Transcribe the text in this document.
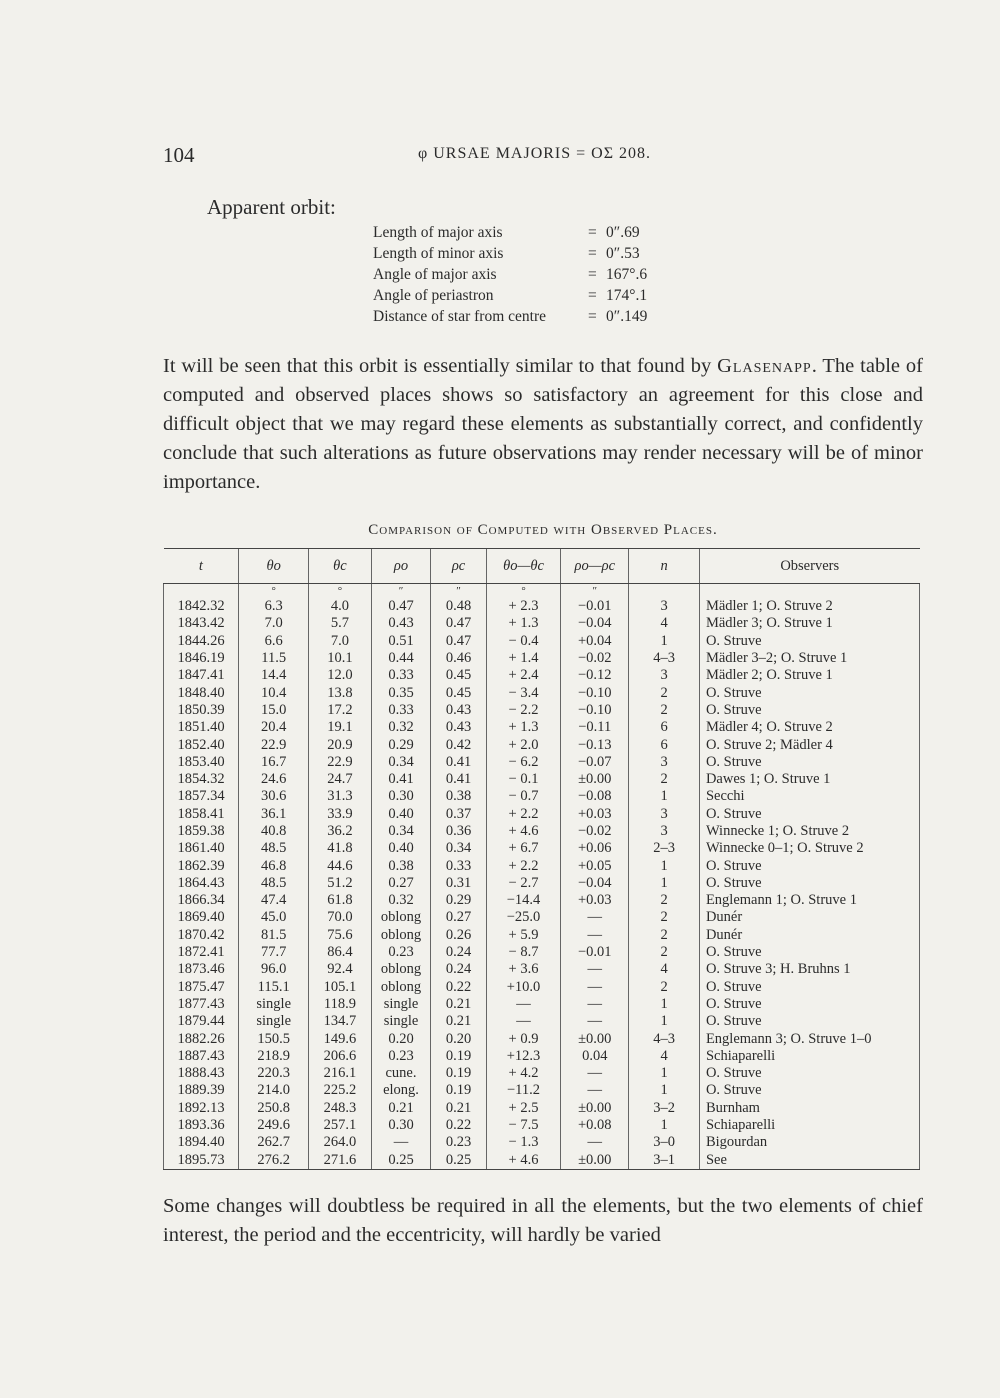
104	φ URSAE MAJORIS = OΣ 208.
Apparent orbit:
Length of major axis	= 0″.69
Length of minor axis	= 0″.53
Angle of major axis	= 167°.6
Angle of periastron	= 174°.1
Distance of star from centre	= 0″.149

It will be seen that this orbit is essentially similar to that found by Glasenapp. The table of computed and observed places shows so satisfactory an agreement for this close and difficult object that we may regard these elements as substantially correct, and confidently conclude that such alterations as future observations may render necessary will be of minor importance.

Comparison of Computed with Observed Places.
t	θo	θc	ρo	ρc	θo—θc	ρo—ρc	n	Observers
	°	°	″	″	°	″		
1842.32	6.3	4.0	0.47	0.48	+ 2.3	−0.01	3	Mädler 1; O. Struve 2
1843.42	7.0	5.7	0.43	0.47	+ 1.3	−0.04	4	Mädler 3; O. Struve 1
1844.26	6.6	7.0	0.51	0.47	− 0.4	+0.04	1	O. Struve
1846.19	11.5	10.1	0.44	0.46	+ 1.4	−0.02	4–3	Mädler 3–2; O. Struve 1
1847.41	14.4	12.0	0.33	0.45	+ 2.4	−0.12	3	Mädler 2; O. Struve 1
1848.40	10.4	13.8	0.35	0.45	− 3.4	−0.10	2	O. Struve
1850.39	15.0	17.2	0.33	0.43	− 2.2	−0.10	2	O. Struve
1851.40	20.4	19.1	0.32	0.43	+ 1.3	−0.11	6	Mädler 4; O. Struve 2
1852.40	22.9	20.9	0.29	0.42	+ 2.0	−0.13	6	O. Struve 2; Mädler 4
1853.40	16.7	22.9	0.34	0.41	− 6.2	−0.07	3	O. Struve
1854.32	24.6	24.7	0.41	0.41	− 0.1	±0.00	2	Dawes 1; O. Struve 1
1857.34	30.6	31.3	0.30	0.38	− 0.7	−0.08	1	Secchi
1858.41	36.1	33.9	0.40	0.37	+ 2.2	+0.03	3	O. Struve
1859.38	40.8	36.2	0.34	0.36	+ 4.6	−0.02	3	Winnecke 1; O. Struve 2
1861.40	48.5	41.8	0.40	0.34	+ 6.7	+0.06	2–3	Winnecke 0–1; O. Struve 2
1862.39	46.8	44.6	0.38	0.33	+ 2.2	+0.05	1	O. Struve
1864.43	48.5	51.2	0.27	0.31	− 2.7	−0.04	1	O. Struve
1866.34	47.4	61.8	0.32	0.29	−14.4	+0.03	2	Englemann 1; O. Struve 1
1869.40	45.0	70.0	oblong	0.27	−25.0	—	2	Dunér
1870.42	81.5	75.6	oblong	0.26	+ 5.9	—	2	Dunér
1872.41	77.7	86.4	0.23	0.24	− 8.7	−0.01	2	O. Struve
1873.46	96.0	92.4	oblong	0.24	+ 3.6	—	4	O. Struve 3; H. Bruhns 1
1875.47	115.1	105.1	oblong	0.22	+10.0	—	2	O. Struve
1877.43	single	118.9	single	0.21	—	—	1	O. Struve
1879.44	single	134.7	single	0.21	—	—	1	O. Struve
1882.26	150.5	149.6	0.20	0.20	+ 0.9	±0.00	4–3	Englemann 3; O. Struve 1–0
1887.43	218.9	206.6	0.23	0.19	+12.3	0.04	4	Schiaparelli
1888.43	220.3	216.1	cune.	0.19	+ 4.2	—	1	O. Struve
1889.39	214.0	225.2	elong.	0.19	−11.2	—	1	O. Struve
1892.13	250.8	248.3	0.21	0.21	+ 2.5	±0.00	3–2	Burnham
1893.36	249.6	257.1	0.30	0.22	− 7.5	+0.08	1	Schiaparelli
1894.40	262.7	264.0	—	0.23	− 1.3	—	3–0	Bigourdan
1895.73	276.2	271.6	0.25	0.25	+ 4.6	±0.00	3–1	See

Some changes will doubtless be required in all the elements, but the two elements of chief interest, the period and the eccentricity, will hardly be varied
